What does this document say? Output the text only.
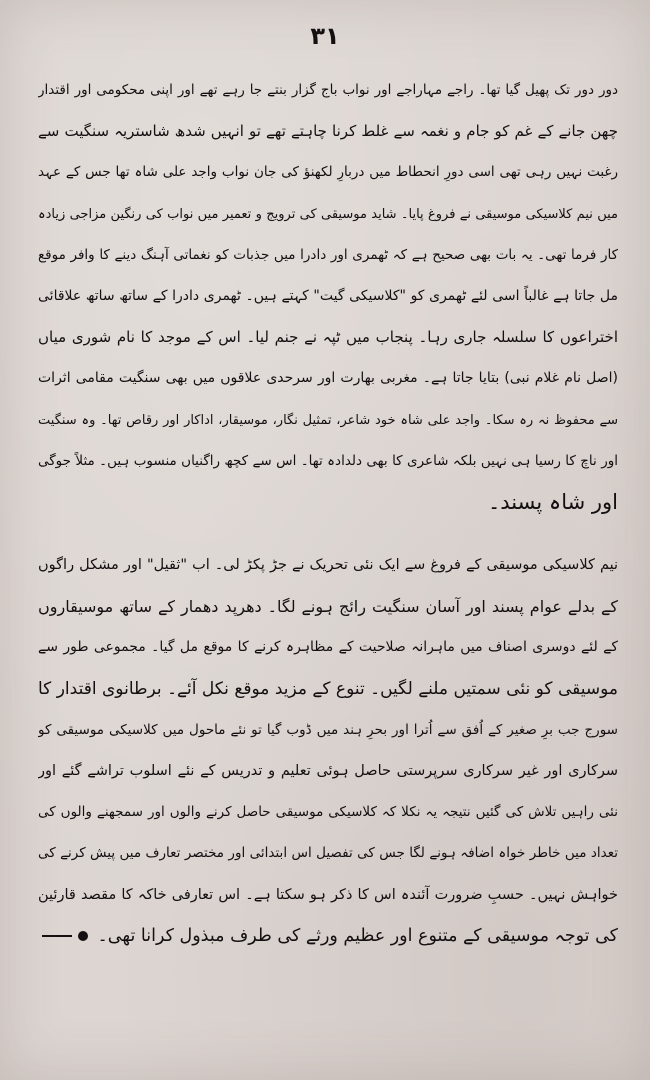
۳۱
دور دور تک پھیل گیا تھا۔ راجے مہاراجے اور نواب باج گزار بنتے جا رہے تھے اور اپنی محکومی اور اقتدار
چھن جانے کے غم کو جام و نغمہ سے غلط کرنا چاہتے تھے تو انہیں شدھ شاستریہ سنگیت سے
رغبت نہیں رہی تھی اسی دورِ انحطاط میں دربارِ لکھنؤ کی جان نواب واجد علی شاہ تھا جس کے عہد
میں نیم کلاسیکی موسیقی نے فروغ پایا۔ شاید موسیقی کی ترویج و تعمیر میں نواب کی رنگین مزاجی زیادہ
کار فرما تھی۔ یہ بات بھی صحیح ہے کہ ٹھمری اور دادرا میں جذبات کو نغماتی آہنگ دینے کا وافر موقع
مل جاتا ہے غالباً اسی لئے ٹھمری کو "کلاسیکی گیت" کہتے ہیں۔ ٹھمری دادرا کے ساتھ ساتھ علاقائی
اختراعوں کا سلسلہ جاری رہا۔ پنجاب میں ٹپہ نے جنم لیا۔ اس کے موجد کا نام شوری میاں
(اصل نام غلام نبی) بتایا جاتا ہے۔ مغربی بھارت اور سرحدی علاقوں میں بھی سنگیت مقامی اثرات
سے محفوظ نہ رہ سکا۔ واجد علی شاہ خود شاعر، تمثیل نگار، موسیقار، اداکار اور رقاص تھا۔ وہ سنگیت
اور ناچ کا رسیا ہی نہیں بلکہ شاعری کا بھی دلدادہ تھا۔ اس سے کچھ راگنیاں منسوب ہیں۔ مثلاً جوگی
اور شاہ پسند۔
نیم کلاسیکی موسیقی کے فروغ سے ایک نئی تحریک نے جڑ پکڑ لی۔ اب "ثقیل" اور مشکل راگوں
کے بدلے عوام پسند اور آسان سنگیت رائج ہونے لگا۔ دھرپد دھمار کے ساتھ موسیقاروں
کے لئے دوسری اصناف میں ماہرانہ صلاحیت کے مظاہرہ کرنے کا موقع مل گیا۔ مجموعی طور سے
موسیقی کو نئی سمتیں ملنے لگیں۔ تنوع کے مزید موقع نکل آئے۔ برطانوی اقتدار کا
سورج جب برِ صغیر کے اُفق سے اُترا اور بحرِ ہند میں ڈوب گیا تو نئے ماحول میں کلاسیکی موسیقی کو
سرکاری اور غیر سرکاری سرپرستی حاصل ہوئی تعلیم و تدریس کے نئے اسلوب تراشے گئے اور
نئی راہیں تلاش کی گئیں نتیجہ یہ نکلا کہ کلاسیکی موسیقی حاصل کرنے والوں اور سمجھنے والوں کی
تعداد میں خاطر خواہ اضافہ ہونے لگا جس کی تفصیل اس ابتدائی اور مختصر تعارف میں پیش کرنے کی
خواہش نہیں۔ حسبِ ضرورت آئندہ اس کا ذکر ہو سکتا ہے۔ اس تعارفی خاکہ کا مقصد قارئین
کی توجہ موسیقی کے متنوع اور عظیم ورثے کی طرف مبذول کرانا تھی۔
